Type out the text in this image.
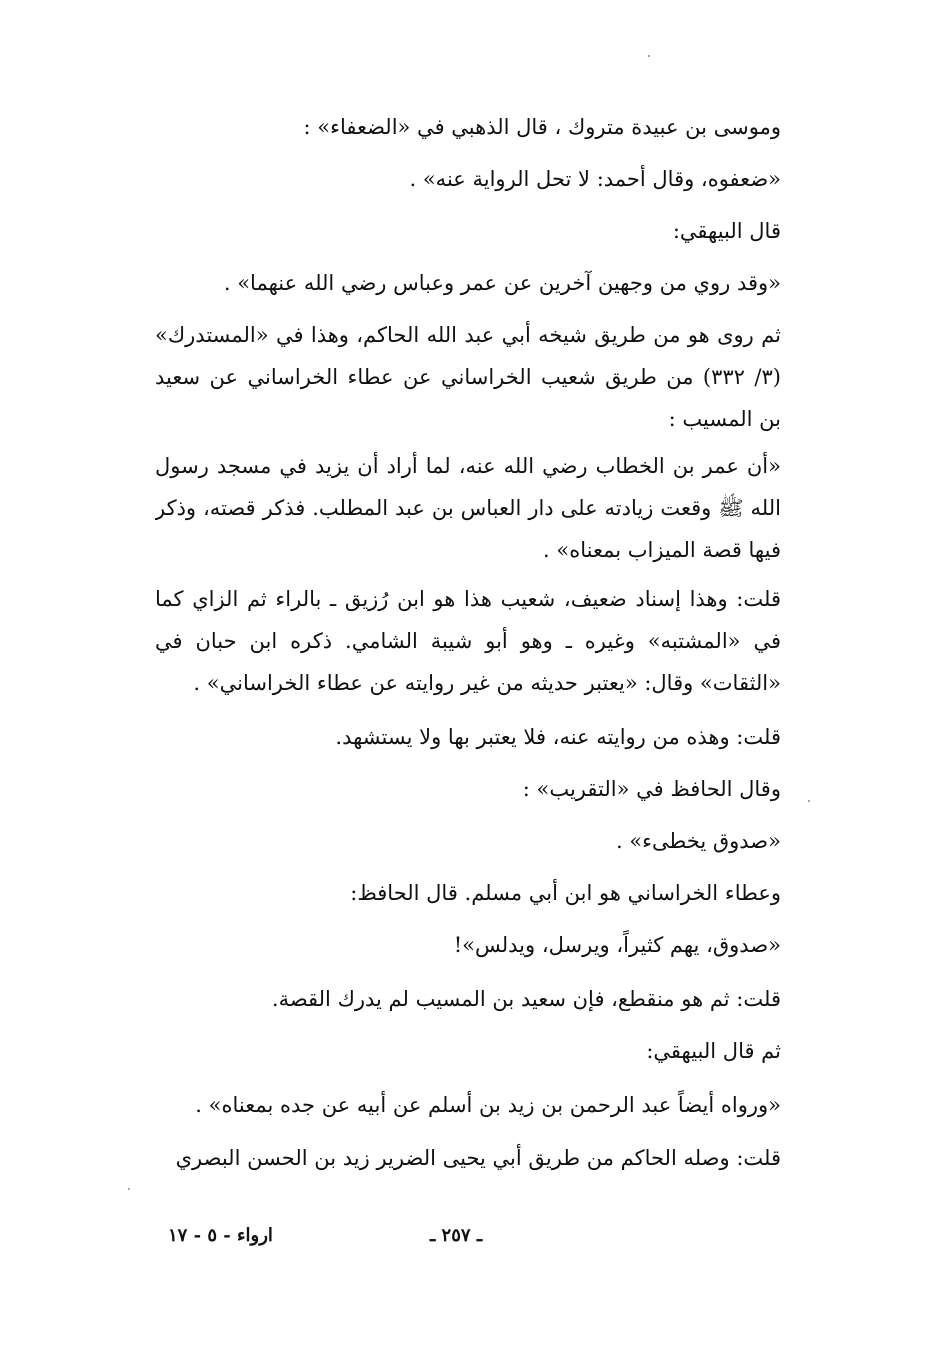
وموسى بن عبيدة متروك ، قال الذهبي في «الضعفاء» :
«ضعفوه، وقال أحمد: لا تحل الرواية عنه» .
قال البيهقي:
«وقد روي من وجهين آخرين عن عمر وعباس رضي الله عنهما» .
ثم روى هو من طريق شيخه أبي عبد الله الحاكم، وهذا في «المستدرك» (٣/ ٣٣٢) من طريق شعيب الخراساني عن عطاء الخراساني عن سعيد بن المسيب :
«أن عمر بن الخطاب رضي الله عنه، لما أراد أن يزيد في مسجد رسول الله ﷺ وقعت زيادته على دار العباس بن عبد المطلب. فذكر قصته، وذكر فيها قصة الميزاب بمعناه» .
قلت: وهذا إسناد ضعيف، شعيب هذا هو ابن رُزيق ـ بالراء ثم الزاي كما في «المشتبه» وغيره ـ وهو أبو شيبة الشامي. ذكره ابن حبان في «الثقات» وقال: «يعتبر حديثه من غير روايته عن عطاء الخراساني» .
قلت: وهذه من روايته عنه، فلا يعتبر بها ولا يستشهد.
وقال الحافظ في «التقريب» :
«صدوق يخطىء» .
وعطاء الخراساني هو ابن أبي مسلم. قال الحافظ:
«صدوق، يهم كثيراً، ويرسل، ويدلس»!
قلت: ثم هو منقطع، فإن سعيد بن المسيب لم يدرك القصة.
ثم قال البيهقي:
«ورواه أيضاً عبد الرحمن بن زيد بن أسلم عن أبيه عن جده بمعناه» .
قلت: وصله الحاكم من طريق أبي يحيى الضرير زيد بن الحسن البصري
ـ ٢٥٧ ـ
ارواء - ٥ - ١٧
